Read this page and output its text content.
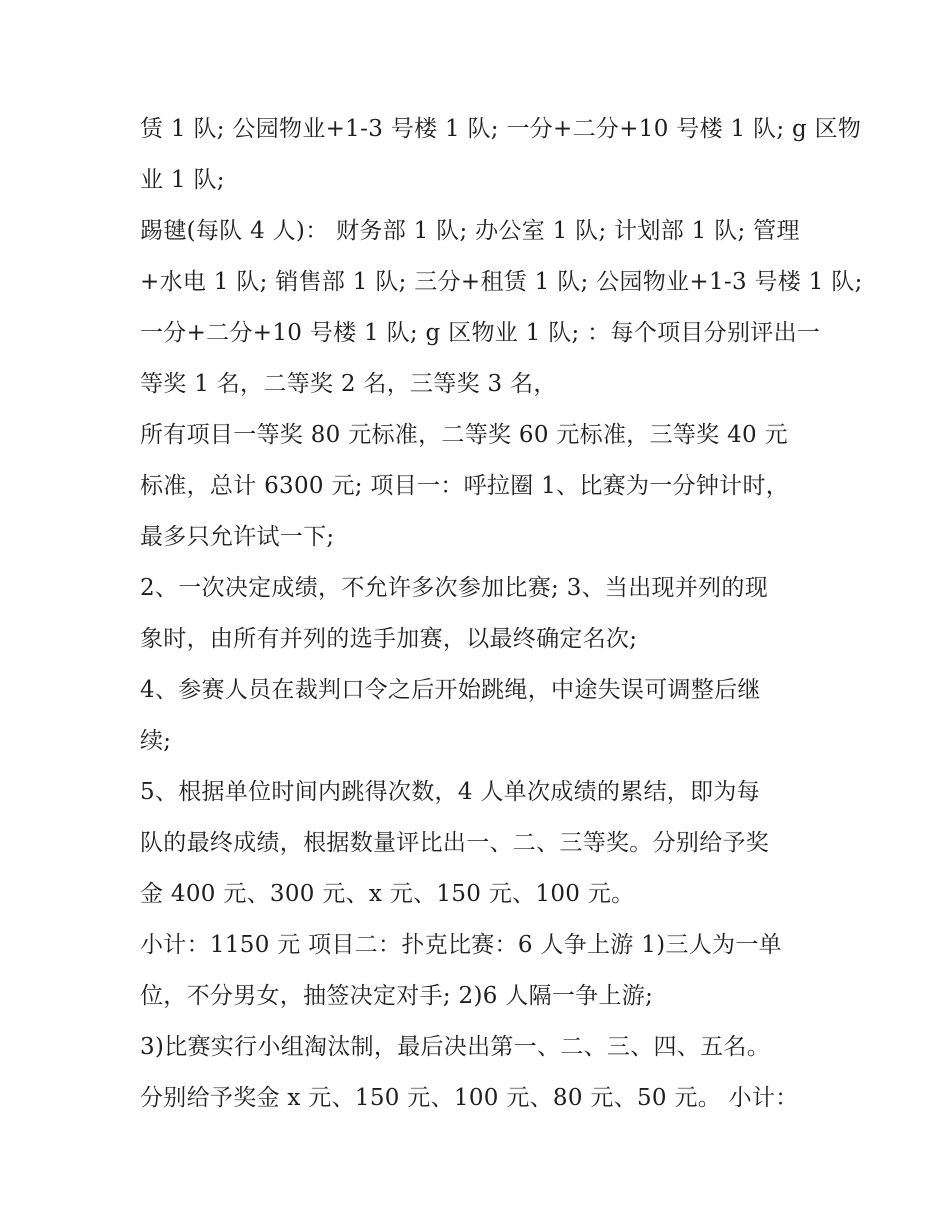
赁 1 队; 公园物业+1-3 号楼 1 队; 一分+二分+10 号楼 1 队; g 区物
业 1 队;
踢毽(每队 4 人)： 财务部 1 队; 办公室 1 队; 计划部 1 队; 管理
+水电 1 队; 销售部 1 队; 三分+租赁 1 队; 公园物业+1-3 号楼 1 队;
一分+二分+10 号楼 1 队; g 区物业 1 队; ：每个项目分别评出一
等奖 1 名，二等奖 2 名，三等奖 3 名，
所有项目一等奖 80 元标准，二等奖 60 元标准，三等奖 40 元
标准，总计 6300 元; 项目一：呼拉圈 1、比赛为一分钟计时，
最多只允许试一下;
2、一次决定成绩，不允许多次参加比赛; 3、当出现并列的现
象时，由所有并列的选手加赛，以最终确定名次;
4、参赛人员在裁判口令之后开始跳绳，中途失误可调整后继
续;
5、根据单位时间内跳得次数，4 人单次成绩的累结，即为每
队的最终成绩，根据数量评比出一、二、三等奖。分别给予奖
金 400 元、300 元、x 元、150 元、100 元。
小计：1150 元 项目二：扑克比赛：6 人争上游 1)三人为一单
位，不分男女，抽签决定对手; 2)6 人隔一争上游;
3)比赛实行小组淘汰制，最后决出第一、二、三、四、五名。
分别给予奖金 x 元、150 元、100 元、80 元、50 元。 小计：
